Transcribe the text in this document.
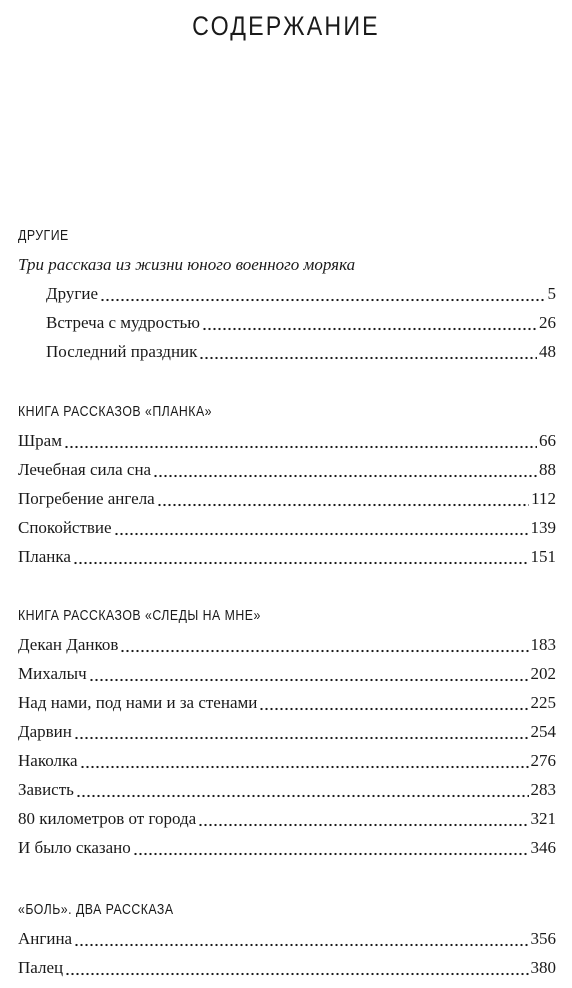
СОДЕРЖАНИЕ
ДРУГИЕ
Три рассказа из жизни юного военного моряка
Другие	5
Встреча с мудростью	26
Последний праздник	48
КНИГА РАССКАЗОВ «ПЛАНКА»
Шрам	66
Лечебная сила сна	88
Погребение ангела	112
Спокойствие	139
Планка	151
КНИГА РАССКАЗОВ «СЛЕДЫ НА МНЕ»
Декан Данков	183
Михалыч	202
Над нами, под нами и за стенами	225
Дарвин	254
Наколка	276
Зависть	283
80 километров от города	321
И было сказано	346
«БОЛЬ». ДВА РАССКАЗА
Ангина	356
Палец	380
